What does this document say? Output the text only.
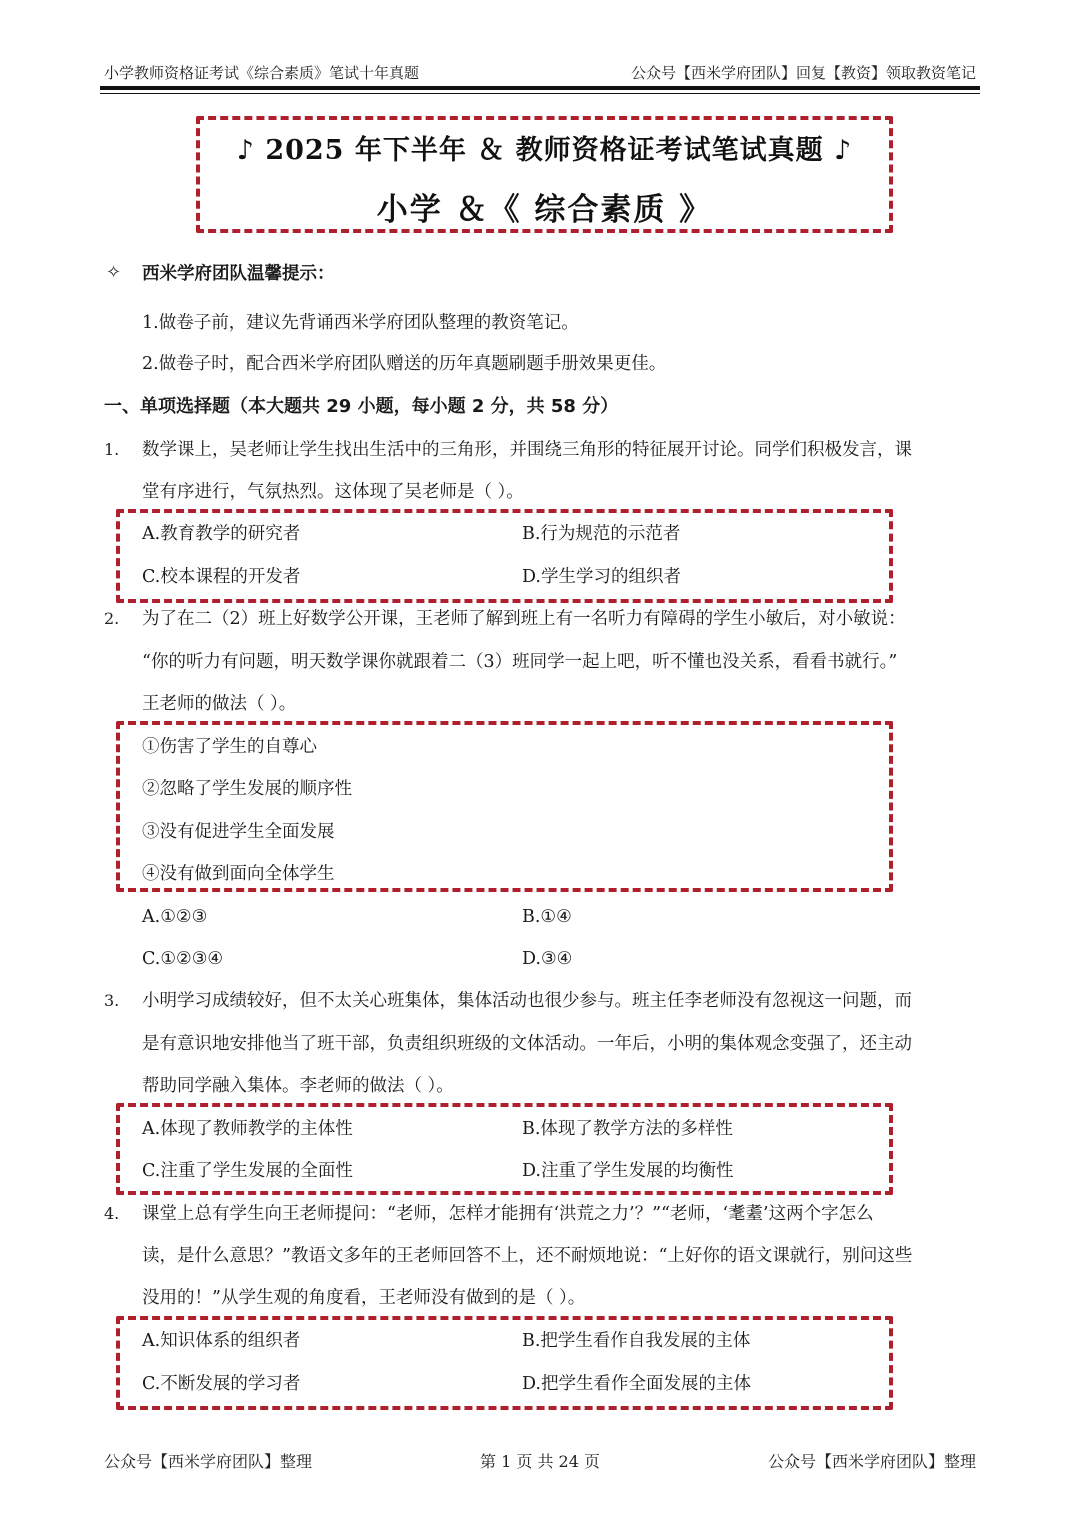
小学教师资格证考试《综合素质》笔试十年真题	公众号【西米学府团队】回复【教资】领取教资笔记
♪ 2025 年下半年 ＆ 教师资格证考试笔试真题 ♪
小学 ＆《 综合素质 》
✧ 西米学府团队温馨提示：
1.做卷子前，建议先背诵西米学府团队整理的教资笔记。
2.做卷子时，配合西米学府团队赠送的历年真题刷题手册效果更佳。
一、单项选择题（本大题共 29 小题，每小题 2 分，共 58 分）
1. 数学课上，吴老师让学生找出生活中的三角形，并围绕三角形的特征展开讨论。同学们积极发言，课
堂有序进行，气氛热烈。这体现了吴老师是（ ）。
A.教育教学的研究者	B.行为规范的示范者
C.校本课程的开发者	D.学生学习的组织者
2. 为了在二（2）班上好数学公开课，王老师了解到班上有一名听力有障碍的学生小敏后，对小敏说：
“你的听力有问题，明天数学课你就跟着二（3）班同学一起上吧，听不懂也没关系，看看书就行。”
王老师的做法（ ）。
①伤害了学生的自尊心
②忽略了学生发展的顺序性
③没有促进学生全面发展
④没有做到面向全体学生
A.①②③	B.①④
C.①②③④	D.③④
3. 小明学习成绩较好，但不太关心班集体，集体活动也很少参与。班主任李老师没有忽视这一问题，而
是有意识地安排他当了班干部，负责组织班级的文体活动。一年后，小明的集体观念变强了，还主动
帮助同学融入集体。李老师的做法（ ）。
A.体现了教师教学的主体性	B.体现了教学方法的多样性
C.注重了学生发展的全面性	D.注重了学生发展的均衡性
4. 课堂上总有学生向王老师提问：“老师，怎样才能拥有‘洪荒之力’？”“老师，‘耄耋’这两个字怎么
读，是什么意思？”教语文多年的王老师回答不上，还不耐烦地说：“上好你的语文课就行，别问这些
没用的！”从学生观的角度看，王老师没有做到的是（ ）。
A.知识体系的组织者	B.把学生看作自我发展的主体
C.不断发展的学习者	D.把学生看作全面发展的主体
公众号【西米学府团队】整理	第 1 页 共 24 页	公众号【西米学府团队】整理
